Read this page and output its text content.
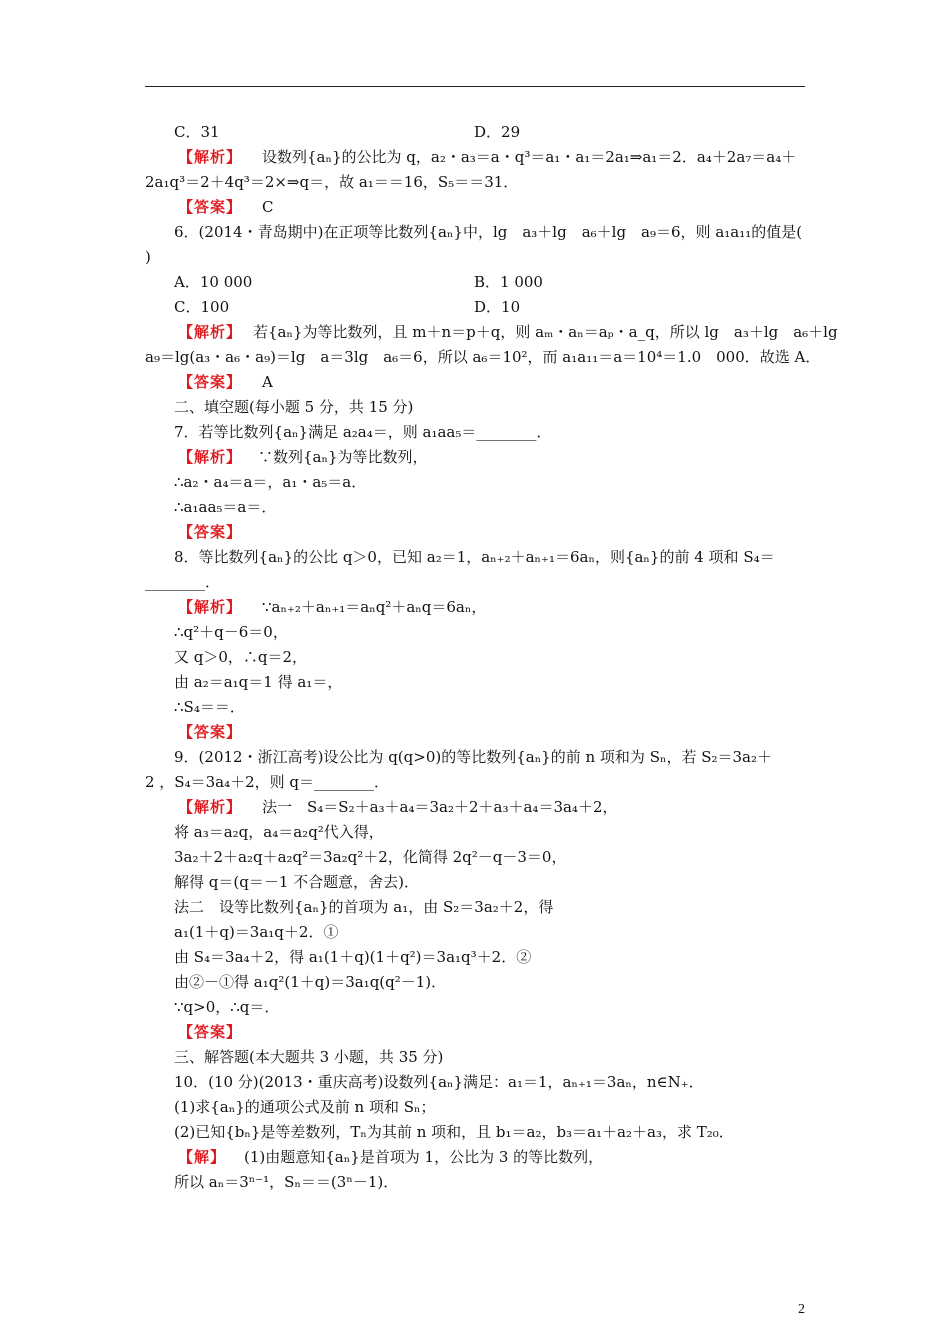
C．31	D．29
【解析】 设数列{aₙ}的公比为 q，a₂・a₃＝a・q³＝a₁・a₁＝2a₁⇒a₁＝2．a₄＋2a₇＝a₄＋
2a₁q³＝2＋4q³＝2×⇒q＝，故 a₁＝＝16，S₅＝＝31．
【答案】 C
6．(2014・青岛期中)在正项等比数列{aₙ}中，lg　a₃＋lg　a₆＋lg　a₉＝6，则 a₁a₁₁的值是(
)
A．10 000	B．1 000
C．100	D．10
【解析】 若{aₙ}为等比数列，且 m＋n＝p＋q，则 aₘ・aₙ＝aₚ・a_q，所以 lg　a₃＋lg　a₆＋lg
a₉＝lg(a₃・a₆・a₉)＝lg　a＝3lg　a₆＝6，所以 a₆＝10²，而 a₁a₁₁＝a＝10⁴＝1.0　000．故选 A．
【答案】 A
二、填空题(每小题 5 分，共 15 分)
7．若等比数列{aₙ}满足 a₂a₄＝，则 a₁aa₅＝________．
【解析】 ∵数列{aₙ}为等比数列，
∴a₂・a₄＝a＝，a₁・a₅＝a．
∴a₁aa₅＝a＝．
【答案】
8．等比数列{aₙ}的公比 q＞0，已知 a₂＝1，aₙ₊₂＋aₙ₊₁＝6aₙ，则{aₙ}的前 4 项和 S₄＝
________．
【解析】 ∵aₙ₊₂＋aₙ₊₁＝aₙq²＋aₙq＝6aₙ，
∴q²＋q－6＝0，
又 q＞0，∴q＝2，
由 a₂＝a₁q＝1 得 a₁＝，
∴S₄＝＝．
【答案】
9．(2012・浙江高考)设公比为 q(q>0)的等比数列{aₙ}的前 n 项和为 Sₙ，若 S₂＝3a₂＋
2 ，S₄＝3a₄＋2，则 q＝________．
【解析】 法一　S₄＝S₂＋a₃＋a₄＝3a₂＋2＋a₃＋a₄＝3a₄＋2，
将 a₃＝a₂q，a₄＝a₂q²代入得，
3a₂＋2＋a₂q＋a₂q²＝3a₂q²＋2，化简得 2q²－q－3＝0，
解得 q＝(q＝－1 不合题意，舍去)．
法二　设等比数列{aₙ}的首项为 a₁，由 S₂＝3a₂＋2，得
a₁(1＋q)＝3a₁q＋2．①
由 S₄＝3a₄＋2，得 a₁(1＋q)(1＋q²)＝3a₁q³＋2．②
由②－①得 a₁q²(1＋q)＝3a₁q(q²－1)．
∵q>0，∴q＝．
【答案】
三、解答题(本大题共 3 小题，共 35 分)
10．(10 分)(2013・重庆高考)设数列{aₙ}满足：a₁＝1，aₙ₊₁＝3aₙ，n∈N₊．
(1)求{aₙ}的通项公式及前 n 项和 Sₙ；
(2)已知{bₙ}是等差数列，Tₙ为其前 n 项和，且 b₁＝a₂，b₃＝a₁＋a₂＋a₃，求 T₂₀．
【解】 (1)由题意知{aₙ}是首项为 1，公比为 3 的等比数列，
所以 aₙ＝3ⁿ⁻¹，Sₙ＝＝(3ⁿ－1)．
2
